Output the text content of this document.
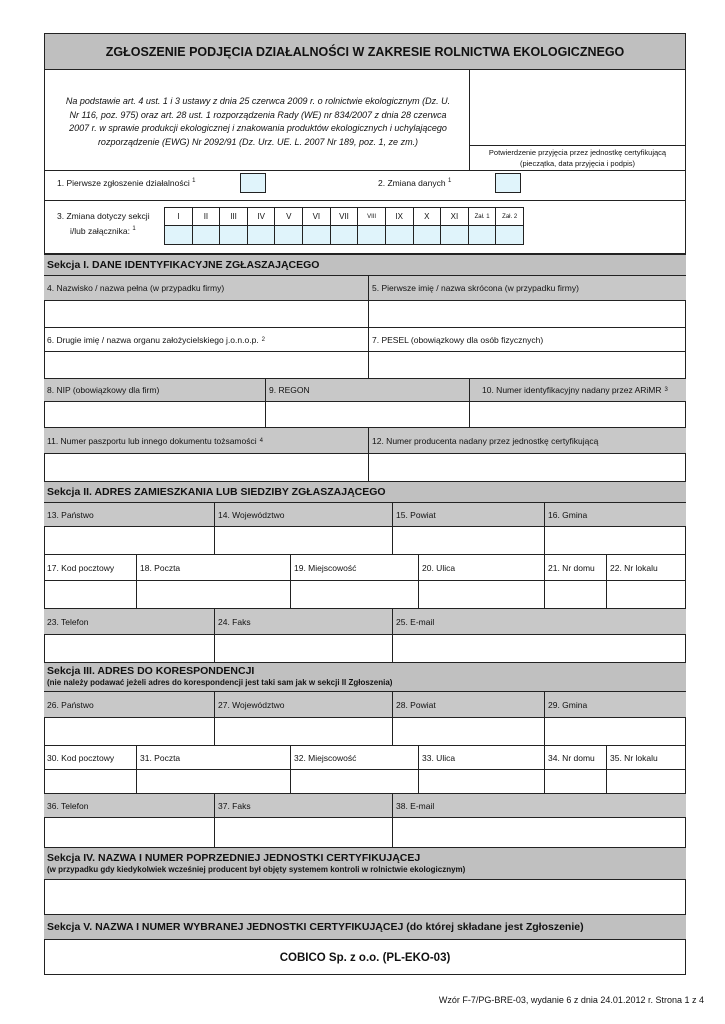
ZGŁOSZENIE PODJĘCIA DZIAŁALNOŚCI W ZAKRESIE ROLNICTWA EKOLOGICZNEGO
Na podstawie art. 4 ust. 1 i 3 ustawy z dnia 25 czerwca 2009 r. o rolnictwie ekologicznym (Dz. U. Nr 116, poz. 975) oraz art. 28 ust. 1 rozporządzenia Rady (WE) nr 834/2007 z dnia 28 czerwca 2007 r. w sprawie produkcji ekologicznej i znakowania produktów ekologicznych i uchylającego rozporządzenie (EWG) Nr 2092/91 (Dz. Urz. UE. L. 2007 Nr 189, poz. 1, ze zm.)
Potwierdzenie przyjęcia przez jednostkę certyfikującą
(pieczątka, data przyjęcia i podpis)
1. Pierwsze zgłoszenie działalności $^1$	2. Zmiana danych $^1$
3. Zmiana dotyczy sekcji
i/lub załącznika: $^1$
I	II	III	IV	V	VI	VII	VIII	IX	X	XI	Zał. 1	Zał. 2
Sekcja I. DANE IDENTYFIKACYJNE ZGŁASZAJĄCEGO
4. Nazwisko / nazwa pełna (w przypadku firmy)	5. Pierwsze imię / nazwa skrócona (w przypadku firmy)
6. Drugie imię / nazwa organu założycielskiego j.o.n.o.p. 2	7. PESEL (obowiązkowy dla osób fizycznych)
8. NIP (obowiązkowy dla firm)	9. REGON	10. Numer identyfikacyjny nadany przez ARiMR 3
11. Numer paszportu lub innego dokumentu tożsamości 4	12. Numer producenta nadany przez jednostkę certyfikującą
Sekcja II. ADRES ZAMIESZKANIA LUB SIEDZIBY ZGŁASZAJĄCEGO
13. Państwo	14. Województwo	15. Powiat	16. Gmina
17. Kod pocztowy	18. Poczta	19. Miejscowość	20. Ulica	21. Nr domu 22. Nr lokalu
23. Telefon	24. Faks	25. E-mail
Sekcja III. ADRES DO KORESPONDENCJI
(nie należy podawać jeżeli adres do korespondencji jest taki sam jak w sekcji II Zgłoszenia)
26. Państwo	27. Województwo	28. Powiat	29. Gmina
30. Kod pocztowy	31. Poczta	32. Miejscowość	33. Ulica	34. Nr domu 35. Nr lokalu
36. Telefon	37. Faks	38. E-mail
Sekcja IV. NAZWA I NUMER POPRZEDNIEJ JEDNOSTKI CERTYFIKUJĄCEJ
(w przypadku gdy kiedykolwiek wcześniej producent był objęty systemem kontroli w rolnictwie ekologicznym)
Sekcja V. NAZWA I NUMER WYBRANEJ JEDNOSTKI CERTYFIKUJĄCEJ (do której składane jest Zgłoszenie)
COBICO Sp. z o.o. (PL-EKO-03)
Wzór F-7/PG-BRE-03, wydanie 6 z dnia 24.01.2012 r. Strona 1 z 4
